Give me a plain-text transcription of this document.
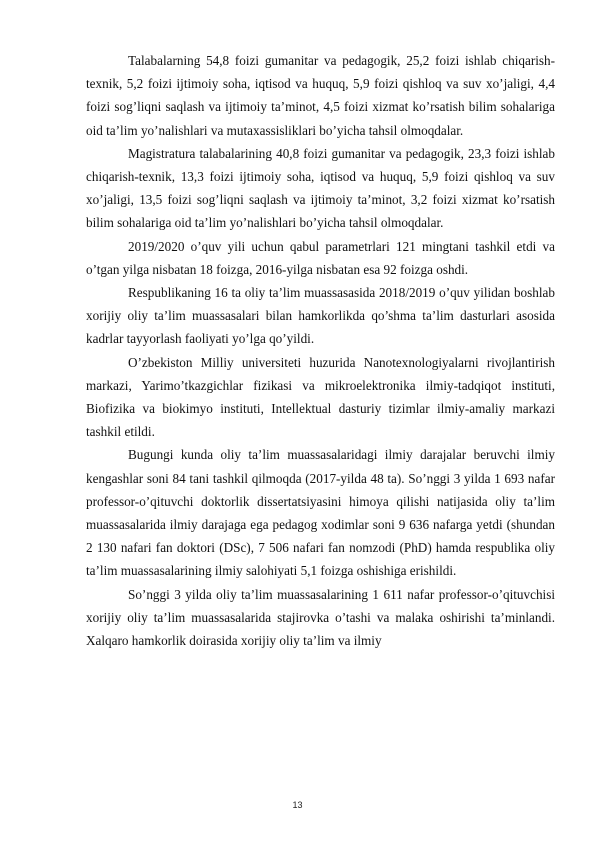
Talabalarning 54,8 foizi gumanitar va pedagogik, 25,2 foizi ishlab chiqarish-texnik, 5,2 foizi ijtimoiy soha, iqtisod va huquq, 5,9 foizi qishloq va suv xo’jaligi, 4,4 foizi sog’liqni saqlash va ijtimoiy ta’minot, 4,5 foizi xizmat ko’rsatish bilim sohalariga oid ta’lim yo’nalishlari va mutaxassisliklari bo’yicha tahsil olmoqdalar.

Magistratura talabalarining 40,8 foizi gumanitar va pedagogik, 23,3 foizi ishlab chiqarish-texnik, 13,3 foizi ijtimoiy soha, iqtisod va huquq, 5,9 foizi qishloq va suv xo’jaligi, 13,5 foizi sog’liqni saqlash va ijtimoiy ta’minot, 3,2 foizi xizmat ko’rsatish bilim sohalariga oid ta’lim yo’nalishlari bo’yicha tahsil olmoqdalar.

2019/2020 o’quv yili uchun qabul parametrlari 121 mingtani tashkil etdi va o’tgan yilga nisbatan 18 foizga, 2016-yilga nisbatan esa 92 foizga oshdi.

Respublikaning 16 ta oliy ta’lim muassasasida 2018/2019 o’quv yilidan boshlab xorijiy oliy ta’lim muassasalari bilan hamkorlikda qo’shma ta’lim dasturlari asosida kadrlar tayyorlash faoliyati yo’lga qo’yildi.

O’zbekiston Milliy universiteti huzurida Nanotexnologiyalarni rivojlantirish markazi, Yarimo’tkazgichlar fizikasi va mikroelektronika ilmiy-tadqiqot instituti, Biofizika va biokimyo instituti, Intellektual dasturiy tizimlar ilmiy-amaliy markazi tashkil etildi.

Bugungi kunda oliy ta’lim muassasalaridagi ilmiy darajalar beruvchi ilmiy kengashlar soni 84 tani tashkil qilmoqda (2017-yilda 48 ta). So’nggi 3 yilda 1 693 nafar professor-o’qituvchi doktorlik dissertatsiyasini himoya qilishi natijasida oliy ta’lim muassasalarida ilmiy darajaga ega pedagog xodimlar soni 9 636 nafarga yetdi (shundan 2 130 nafari fan doktori (DSc), 7 506 nafari fan nomzodi (PhD) hamda respublika oliy ta’lim muassasalarining ilmiy salohiyati 5,1 foizga oshishiga erishildi.

So’nggi 3 yilda oliy ta’lim muassasalarining 1 611 nafar professor-o’qituvchisi xorijiy oliy ta’lim muassasalarida stajirovka o’tashi va malaka oshirishi ta’minlandi. Xalqaro hamkorlik doirasida xorijiy oliy ta’lim va ilmiy

13
